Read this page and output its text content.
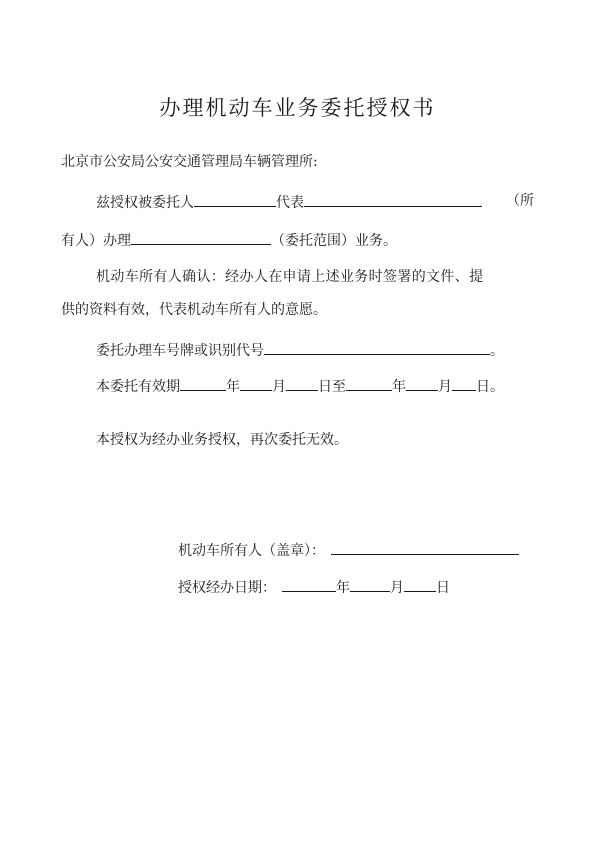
办理机动车业务委托授权书
北京市公安局公安交通管理局车辆管理所:
兹授权被委托人	代表	（所
有人）办理	（委托范围）业务。
机动车所有人确认：经办人在申请上述业务时签署的文件、提
供的资料有效，代表机动车所有人的意愿。
委托办理车号牌或识别代号	。
本委托有效期	年 月 日至	年 月 日。
本授权为经办业务授权，再次委托无效。
机动车所有人（盖章）：
授权经办日期：	年	月 日
